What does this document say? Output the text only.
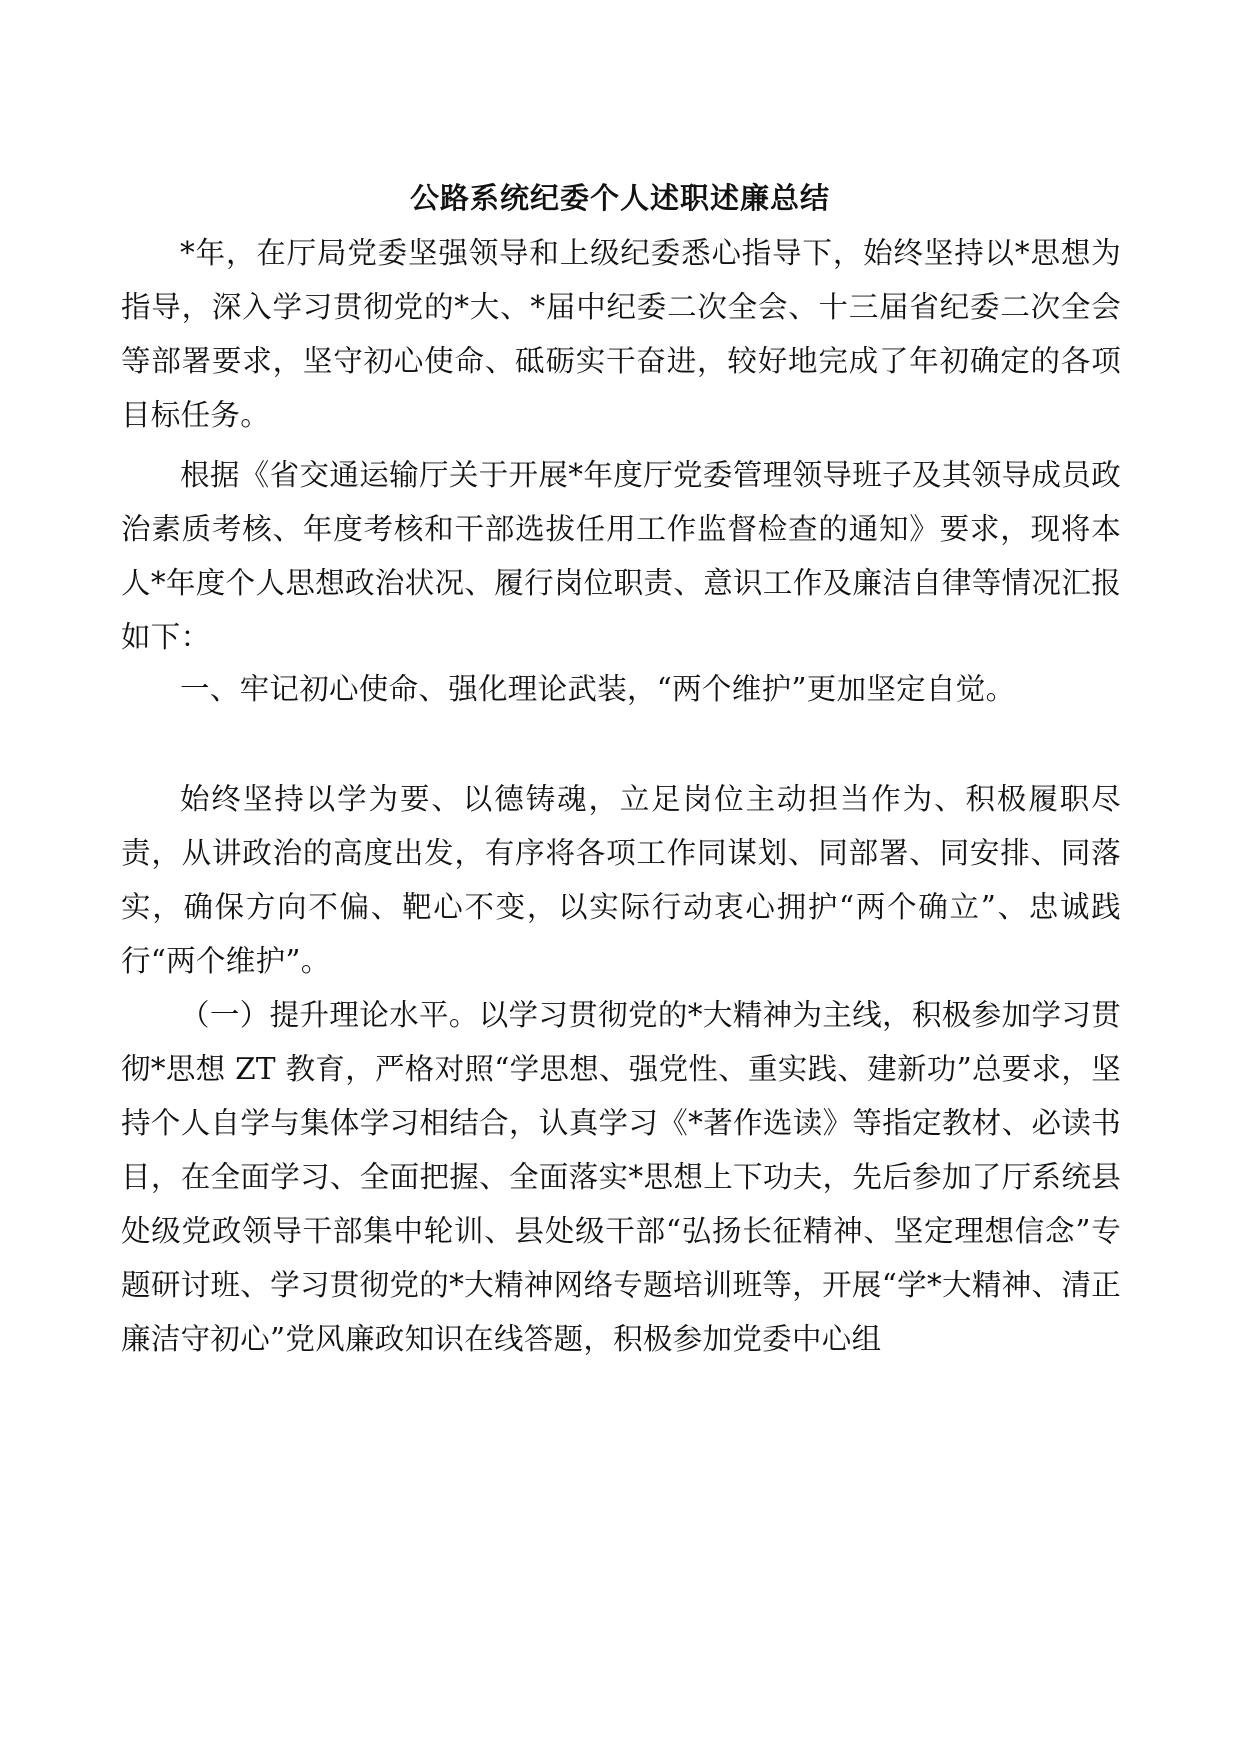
公路系统纪委个人述职述廉总结

*年，在厅局党委坚强领导和上级纪委悉心指导下，始终坚持以*思想为指导，深入学习贯彻党的*大、*届中纪委二次全会、十三届省纪委二次全会等部署要求，坚守初心使命、砥砺实干奋进，较好地完成了年初确定的各项目标任务。

根据《省交通运输厅关于开展*年度厅党委管理领导班子及其领导成员政治素质考核、年度考核和干部选拔任用工作监督检查的通知》要求，现将本人*年度个人思想政治状况、履行岗位职责、意识工作及廉洁自律等情况汇报如下：

一、牢记初心使命、强化理论武装，“两个维护”更加坚定自觉。

始终坚持以学为要、以德铸魂，立足岗位主动担当作为、积极履职尽责，从讲政治的高度出发，有序将各项工作同谋划、同部署、同安排、同落实，确保方向不偏、靶心不变，以实际行动衷心拥护“两个确立”、忠诚践行“两个维护”。

（一）提升理论水平。以学习贯彻党的*大精神为主线，积极参加学习贯彻*思想 ZT 教育，严格对照“学思想、强党性、重实践、建新功”总要求，坚持个人自学与集体学习相结合，认真学习《*著作选读》等指定教材、必读书目，在全面学习、全面把握、全面落实*思想上下功夫，先后参加了厅系统县处级党政领导干部集中轮训、县处级干部“弘扬长征精神、坚定理想信念”专题研讨班、学习贯彻党的*大精神网络专题培训班等，开展“学*大精神、清正廉洁守初心”党风廉政知识在线答题，积极参加党委中心组
